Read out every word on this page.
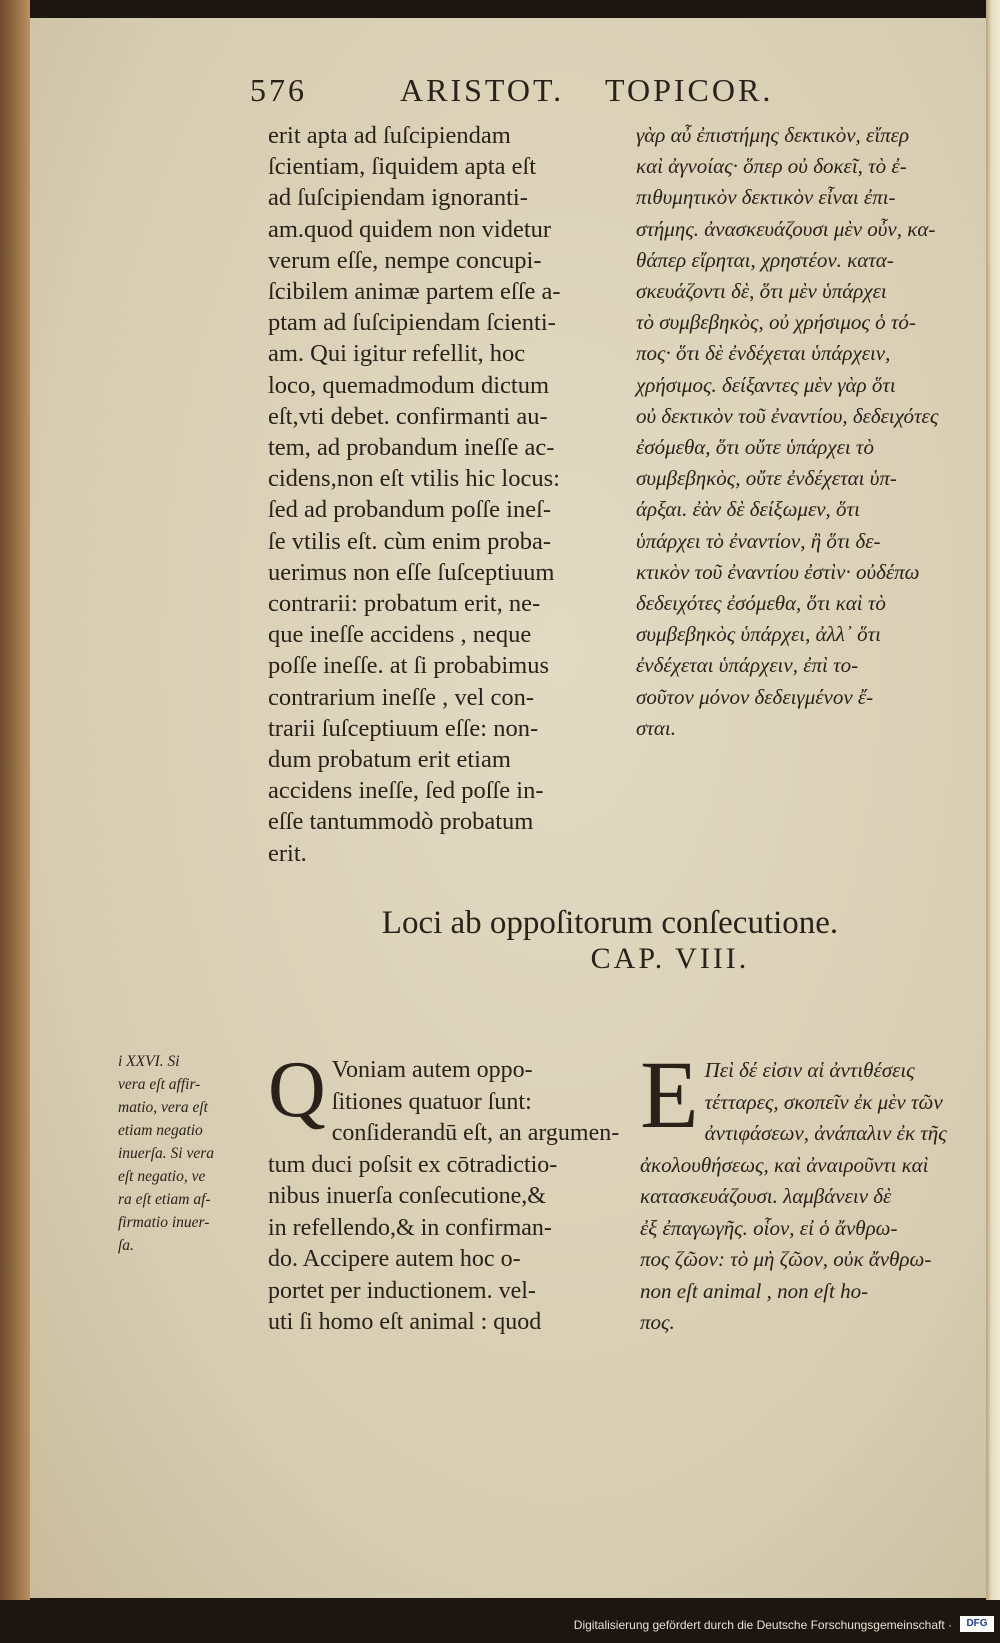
576	ARISTOT. TOPICOR.
erit apta ad ſuſcipiendam
ſcientiam, ſiquidem apta eſt
ad ſuſcipiendam ignoranti-
am.quod quidem non videtur
verum eſſe, nempe concupi-
ſcibilem animæ partem eſſe a-
ptam ad ſuſcipiendam ſcienti-
am. Qui igitur refellit, hoc
loco, quemadmodum dictum
eſt,vti debet. confirmanti au-
tem, ad probandum ineſſe ac-
cidens,non eſt vtilis hic locus:
ſed ad probandum poſſe ineſ-
ſe vtilis eſt. cùm enim proba-
uerimus non eſſe ſuſceptiuum
contrarii: probatum erit, ne-
que ineſſe accidens , neque
poſſe ineſſe. at ſi probabimus
contrarium ineſſe , vel con-
trarii ſuſceptiuum eſſe: non-
dum probatum erit etiam
accidens ineſſe, ſed poſſe in-
eſſe tantummodò probatum
erit.
γὰρ αὖ ἐπιστήμης δεκτικὸν, εἴπερ
καὶ ἀγνοίας· ὅπερ οὐ δοκεῖ, τὸ ἐ-
πιθυμητικὸν δεκτικὸν εἶναι ἐπι-
στήμης. ἀνασκευάζουσι μὲν οὖν, κα-
θάπερ εἴρηται, χρηστέον. κατα-
σκευάζοντι δὲ, ὅτι μὲν ὑπάρχει
τὸ συμβεβηκὸς, οὐ χρήσιμος ὁ τό-
πος· ὅτι δὲ ἐνδέχεται ὑπάρχειν,
χρήσιμος. δείξαντες μὲν γὰρ ὅτι
οὐ δεκτικὸν τοῦ ἐναντίου, δεδειχότες
ἐσόμεθα, ὅτι οὔτε ὑπάρχει τὸ
συμβεβηκὸς, οὔτε ἐνδέχεται ὑπ-
άρξαι. ἐὰν δὲ δείξωμεν, ὅτι
ὑπάρχει τὸ ἐναντίον, ἢ ὅτι δε-
κτικὸν τοῦ ἐναντίου ἐστὶν· οὐδέπω
δεδειχότες ἐσόμεθα, ὅτι καὶ τὸ
συμβεβηκὸς ὑπάρχει, ἀλλ᾽ ὅτι
ἐνδέχεται ὑπάρχειν, ἐπὶ το-
σοῦτον μόνον δεδειγμένον ἔ-
σται.
Loci ab oppoſitorum conſecutione.
CAP. VIII.
i XXVI. Si
vera eſt affir-
matio, vera eſt
etiam negatio
inuerſa. Si vera
eſt negatio, ve
ra eſt etiam af-
firmatio inuer-
ſa.
Q Voniam autem oppo-
ſitiones quatuor ſunt:
conſiderandū eſt, an argumen-
tum duci poſsit ex cōtradictio-
nibus inuerſa conſecutione,&
in refellendo,& in confirman-
do. Accipere autem hoc o-
portet per inductionem. vel-
uti ſi homo eſt animal : quod
E Πεὶ δέ εἰσιν αἱ ἀντιθέσεις
τέτταρες, σκοπεῖν ἐκ μὲν τῶν
ἀντιφάσεων, ἀνάπαλιν ἐκ τῆς
ἀκολουθήσεως, καὶ ἀναιροῦντι καὶ
κατασκευάζουσι. λαμβάνειν δὲ
ἐξ ἐπαγωγῆς. οἷον, εἰ ὁ ἄνθρω-
πος ζῶον: τὸ μὴ ζῶον, οὐκ ἄνθρω-
non eſt animal , non eſt ho-
πος.
Digitalisierung gefördert durch die Deutsche Forschungsgemeinschaft ·	DFG
